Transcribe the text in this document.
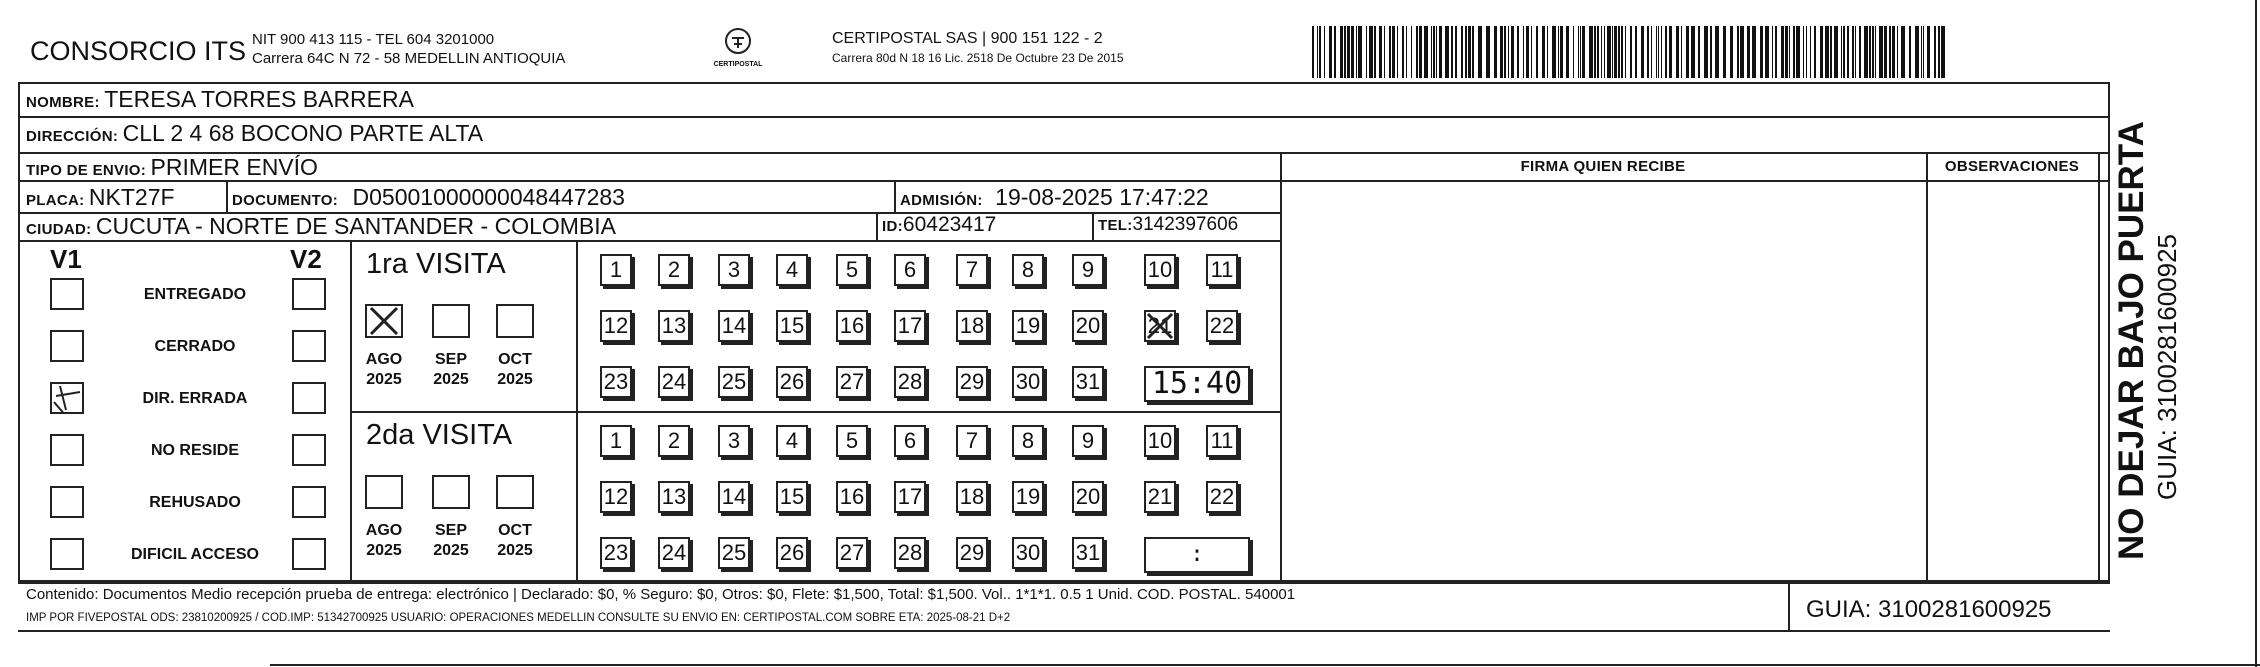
CONSORCIO ITS NIT 900 413 115 - TEL 604 3201000
Carrera 64C N 72 - 58 MEDELLIN ANTIOQUIA	CERTIPOSTAL
CERTIPOSTAL SAS | 900 151 122 - 2
Carrera 80d N 18 16 Lic. 2518 De Octubre 23 De 2015
NOMBRE: TERESA TORRES BARRERA
DIRECCIÓN: CLL 2 4 68 BOCONO PARTE ALTA
TIPO DE ENVIO: PRIMER ENVÍO	FIRMA QUIEN RECIBE	OBSERVACIONES
PLACA: NKT27F	DOCUMENTO: D05001000000048447283	ADMISIÓN: 19-08-2025 17:47:22
CIUDAD: CUCUTA - NORTE DE SANTANDER - COLOMBIA	ID:60423417	TEL:3142397606
V1	V2
ENTREGADO
CERRADO
DIR. ERRADA
NO RESIDE
REHUSADO
DIFICIL ACCESO
1ra VISITA
AGO
2025
SEP
2025
OCT
2025
1	2	3	4	5	6	7	8	9	10 11
12 13 14 15 16 17 18 19 20 21 22
23 24 25 26 27 28 29 30 31 15:40
2da VISITA
AGO
2025
SEP
2025
OCT
2025
1	2	3	4	5	6	7	8	9	10 11
12 13 14 15 16 17 18 19 20 21 22
23 24 25 26 27 28 29 30 31	:
Contenido: Documentos Medio recepción prueba de entrega: electrónico | Declarado: $0, % Seguro: $0, Otros: $0, Flete: $1,500, Total: $1,500. Vol.. 1*1*1. 0.5 1 Unid. COD. POSTAL. 540001
IMP POR FIVEPOSTAL ODS: 23810200925 / COD.IMP: 51342700925 USUARIO: OPERACIONES MEDELLIN CONSULTE SU ENVIO EN: CERTIPOSTAL.COM SOBRE ETA: 2025-08-21 D+2	GUIA: 3100281600925
NO DEJAR BAJO PUERTA GUIA: 3100281600925
